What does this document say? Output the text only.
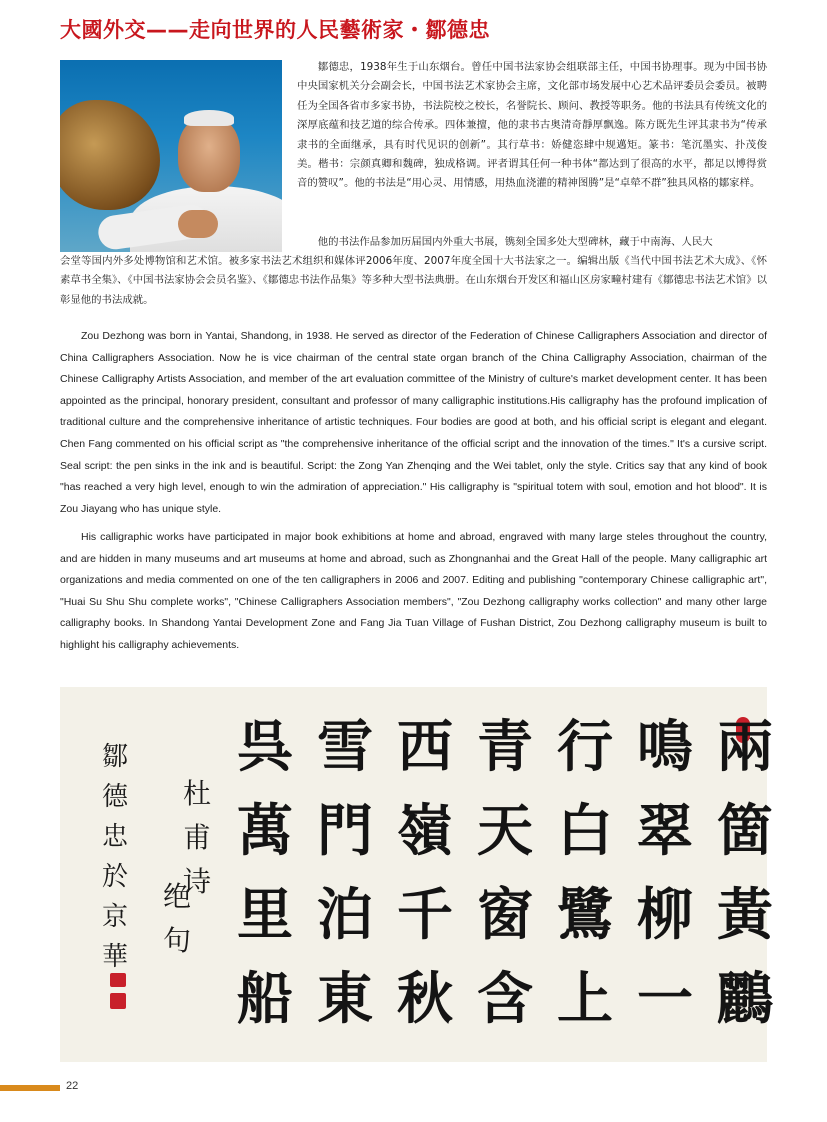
大國外交——走向世界的人民藝術家・鄒德忠

鄒德忠，1938年生于山东烟台。曾任中国书法家协会组联部主任，中国书协理事。现为中国书协中央国家机关分会副会长，中国书法艺术家协会主席，文化部市场发展中心艺术品评委员会委员。被聘任为全国各省市多家书协，书法院校之校长，名誉院长、顾问、教授等职务。他的书法具有传统文化的深厚底蕴和技艺道的综合传承。四体兼擅，他的隶书古奥清奇靜厚飘逸。陈方既先生评其隶书为“传承隶书的全面继承，具有时代见识的创新”。其行草书：娇健恣肆中规邁矩。篆书：笔沉墨实、扑茂俊美。楷书：宗颜真卿和魏碑，独成格调。评者谓其任何一种书体“都达到了很高的水平，都足以博得赏音的赞叹”。他的书法是“用心灵、用情感，用热血浇灌的精神图腾”是“卓犖不群”独具风格的鄒家样。

他的书法作品参加历届国内外重大书展，镌刻全国多处大型碑林，藏于中南海、人民大

会堂等国内外多处博物馆和艺术馆。被多家书法艺术组织和媒体评2006年度、2007年度全国十大书法家之一。编辑出版《当代中国书法艺术大成》、《怀素草书全集》、《中国书法家协会会员名鉴》、《鄒德忠书法作品集》等多种大型书法典册。在山东烟台开发区和福山区房家疃村建有《鄒德忠书法艺术馆》以彰显他的书法成就。

Zou Dezhong was born in Yantai, Shandong, in 1938. He served as director of the Federation of Chinese Calligraphers Association and director of China Calligraphers Association. Now he is vice chairman of the central state organ branch of the China Calligraphy Association, chairman of the Chinese Calligraphy Artists Association, and member of the art evaluation committee of the Ministry of culture's market development center. It has been appointed as the principal, honorary president, consultant and professor of many calligraphic institutions.His calligraphy has the profound implication of traditional culture and the comprehensive inheritance of artistic techniques. Four bodies are good at both, and his official script is elegant and elegant. Chen Fang commented on his official script as "the comprehensive inheritance of the official script and the innovation of the times." It's a cursive script. Seal script: the pen sinks in the ink and is beautiful. Script: the Zong Yan Zhenqing and the Wei tablet, only the style. Critics say that any kind of book "has reached a very high level, enough to win the admiration of appreciation." His calligraphy is "spiritual totem with soul, emotion and hot blood". It is Zou Jiayang who has unique style.

His calligraphic works have participated in major book exhibitions at home and abroad, engraved with many large steles throughout the country, and are hidden in many museums and art museums at home and abroad, such as Zhongnanhai and the Great Hall of the people. Many calligraphic art organizations and media commented on one of the ten calligraphers in 2006 and 2007. Editing and publishing "contemporary Chinese calligraphic art", "Huai Su Shu Shu complete works", "Chinese Calligraphers Association members", "Zou Dezhong calligraphy works collection" and many other large calligraphy books. In Shandong Yantai Development Zone and Fang Jia Tuan Village of Fushan District, Zou Dezhong calligraphy museum is built to highlight his calligraphy achievements.

兩
箇
黃
鸝
鳴
翠
柳
一
行
白
鷺
上
青
天
窗
含
西
嶺
千
秋
雪
門
泊
東
呉
萬
里
船
杜
甫
诗
绝
句
鄒
德
忠
於
京
華
22
